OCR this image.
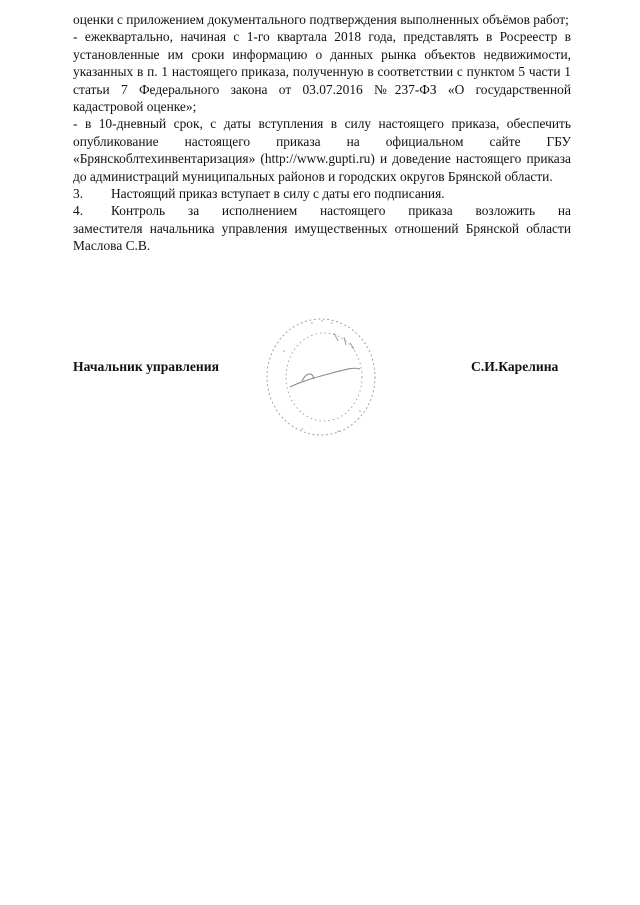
оценки с приложением документального подтверждения выполненных объёмов работ;

- ежеквартально, начиная с 1-го квартала 2018 года, представлять в Росреестр в установленные им сроки информацию о данных рынка объектов недвижимости, указанных в п. 1 настоящего приказа, полученную в соответствии с пунктом 5 части 1 статьи 7 Федерального закона от 03.07.2016 №237-ФЗ «О государственной кадастровой оценке»;

- в 10-дневный срок, с даты вступления в силу настоящего приказа, обеспечить опубликование настоящего приказа на официальном сайте ГБУ «Брянскоблтехинвентаризация» (http://www.gupti.ru) и доведение настоящего приказа до администраций муниципальных районов и городских округов Брянской области.

3.	Настоящий приказ вступает в силу с даты его подписания.
4.	Контроль за исполнением настоящего приказа возложить на

заместителя начальника управления имущественных отношений Брянской области Маслова С.В.

Начальник управления	С.И.Карелина
